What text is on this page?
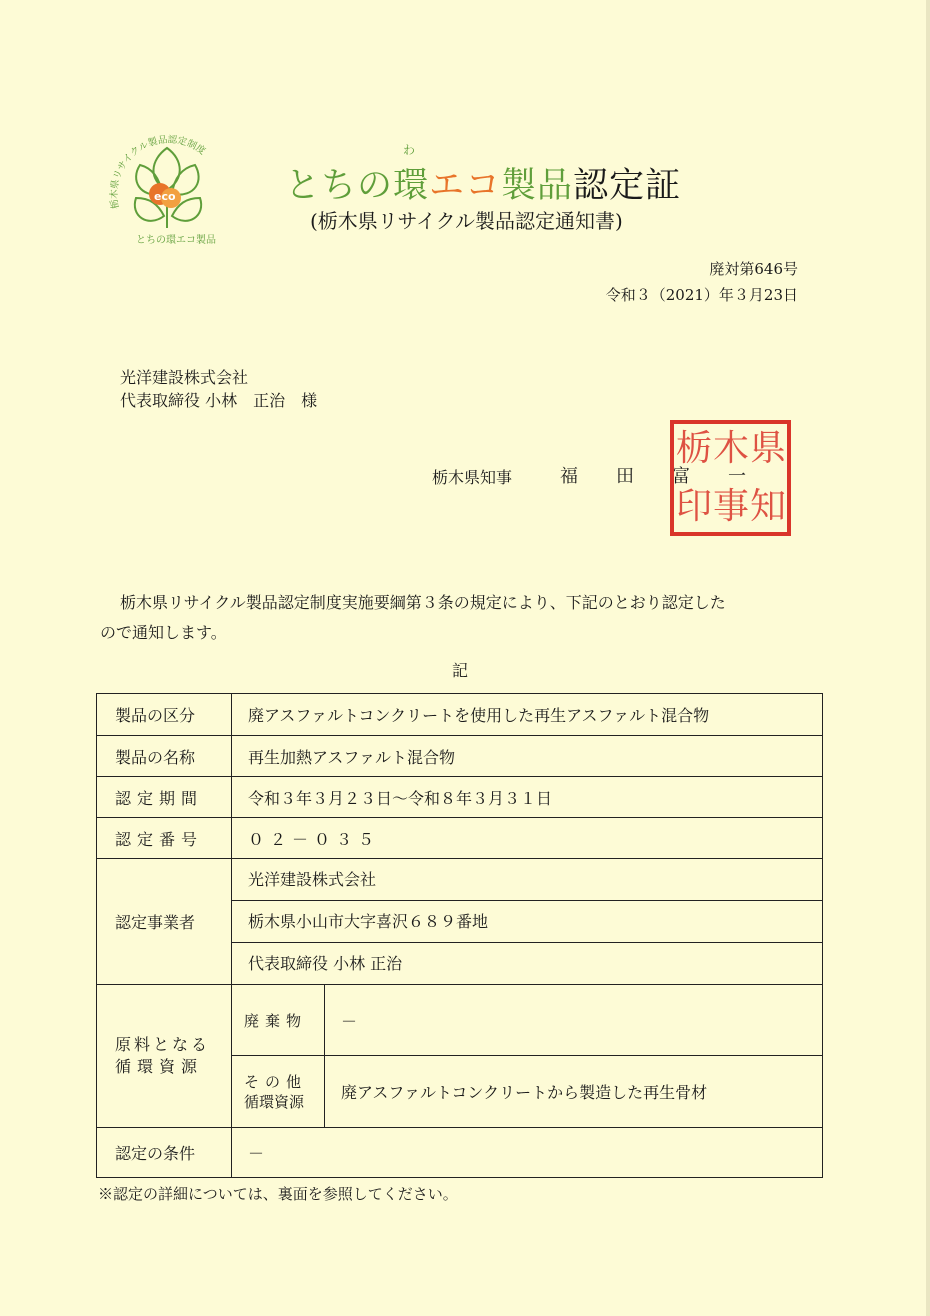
栃木県リサイクル製品認定制度
eco
とちの環エコ製品
わ
とちの環エコ製品認定証
(栃木県リサイクル製品認定通知書)
廃対第646号
令和３（2021）年３月23日
光洋建設株式会社
代表取締役 小林　正治　様
栃木県知事	福　田　富　一
県
知
栃
事
木
印
栃木県リサイクル製品認定制度実施要綱第３条の規定により、下記のとおり認定した
ので通知します。
記
製品の区分	廃アスファルトコンクリートを使用した再生アスファルト混合物	
製品の名称	再生加熱アスファルト混合物	
認定期間	令和３年３月２３日～令和８年３月３１日	
認定番号	０２－０３５	
認定事業者	光洋建設株式会社
栃木県小山市大字喜沢６８９番地
代表取締役 小林 正治	

原料となる
循環資源	廃棄物	－

	その他
循環資源	廃アスファルトコンクリートから製造した再生骨材
認定の条件	－	
※認定の詳細については、裏面を参照してください。
